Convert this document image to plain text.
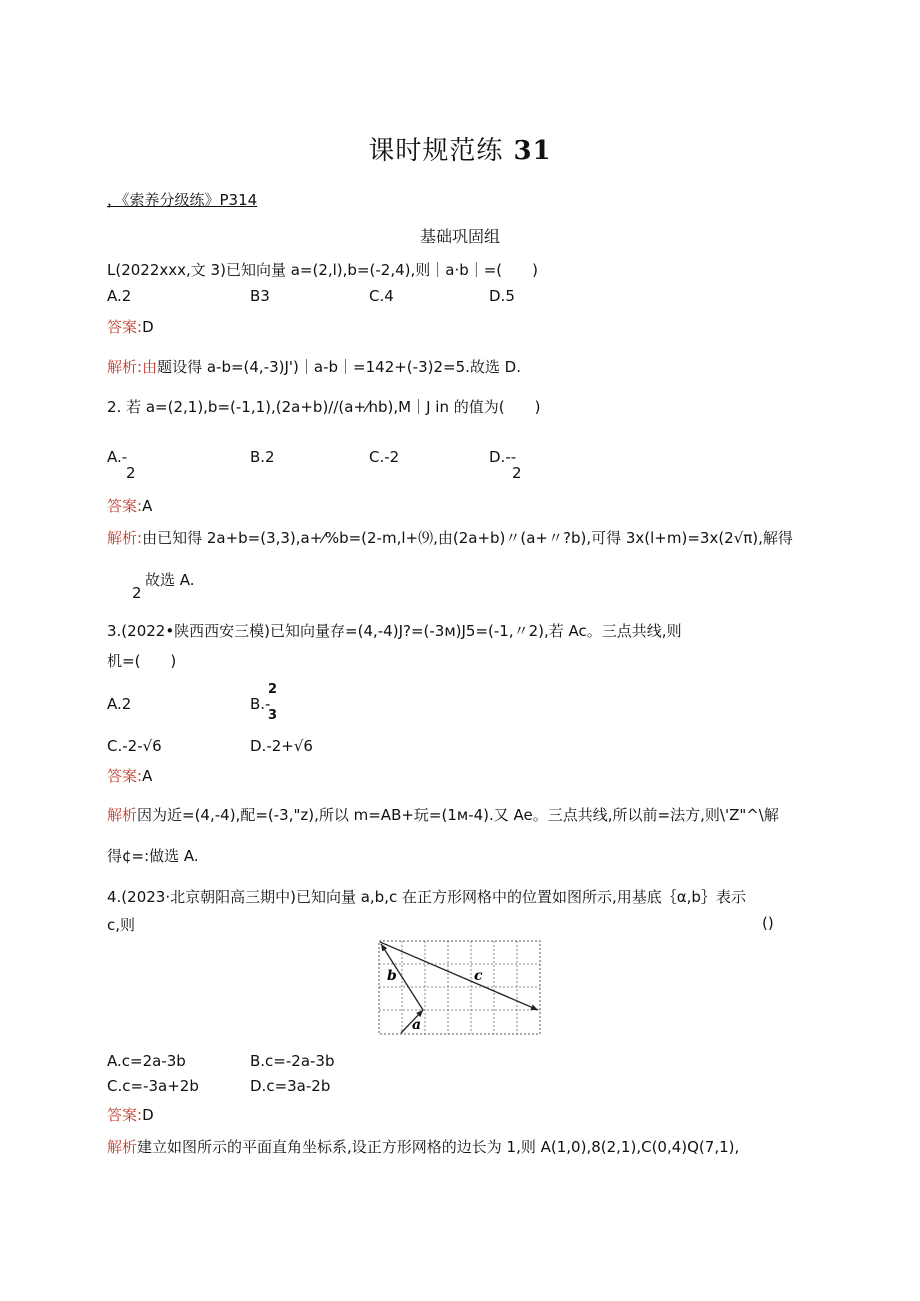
课时规范练 31
，《索养分级练》P314
基础巩固组
L(2022xxx,文 3)已知向量 a=(2,l),b=(-2,4),则｜a·b｜=(　　)
A.2	B3	C.4	D.5
答案:D
解析:由题设得 a-b=(4,-3)J')｜a-b｜=142+(-3)2=5.故选 D.
2. 若 a=(2,1),b=(-1,1),(2a+b)//(a+⁄hb),M｜J in 的值为(　　)
A.-
2
B.2	C.-2	D.--
2
答案:A
解析:由已知得 2a+b=(3,3),a+⁄%b=(2-m,l+⑼,由(2a+b)〃(a+〃?b),可得 3x(l+m)=3x(2√π),解得
故选 A.
2
3.(2022•陕西西安三模)已知向量存=(4,-4)J?=(-3м)J5=(-1,〃2),若 Ac。三点共线,则
机=(　　)
A.2	B.-
2
3
C.-2-√6	D.-2+√6
答案:A
解析因为近=(4,-4),配=(-3,"z),所以 m=AB+玩=(1м-4).又 Ae。三点共线,所以前=法方,则\'Z"^\解
得¢=:做选 A.
4.(2023·北京朝阳高三期中)已知向量 a,b,c 在正方形网格中的位置如图所示,用基底｛α,b｝表示
c,则	()
b	c
a
A.c=2a-3b	B.c=-2a-3b
C.c=-3a+2b	D.c=3a-2b
答案:D
解析建立如图所示的平面直角坐标系,设正方形网格的边长为 1,则 A(1,0),8(2,1),C(0,4)Q(7,1),
